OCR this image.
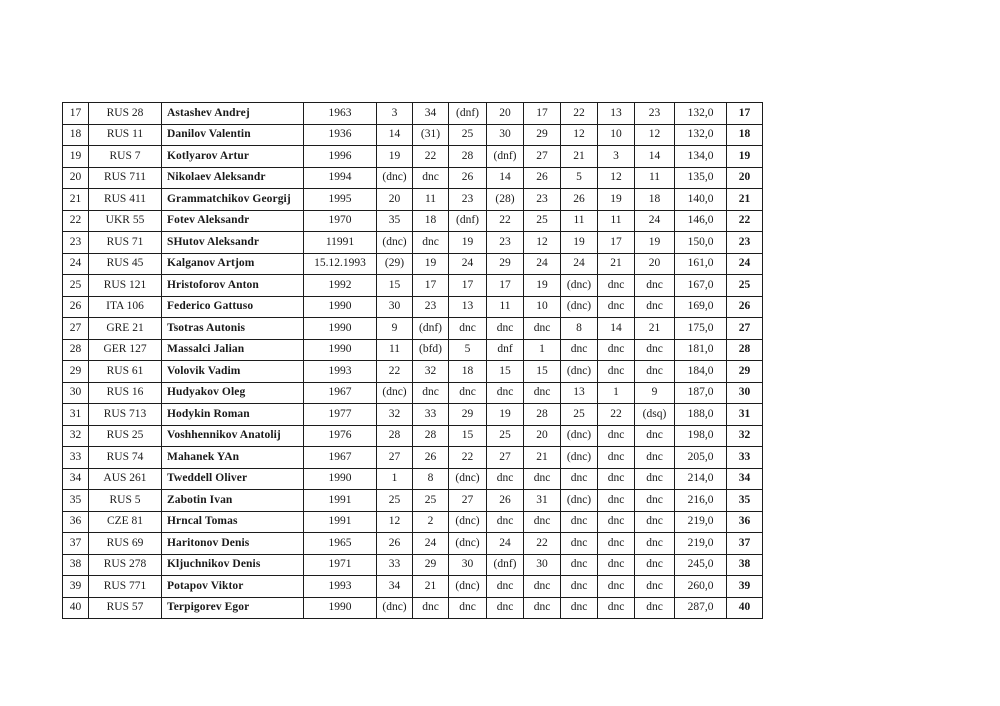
17	RUS 28	Astashev Andrej	1963	3	34	(dnf)	20	17	22	13	23	132,0	17
18	RUS 11	Danilov Valentin	1936	14	(31)	25	30	29	12	10	12	132,0	18
19	RUS 7	Kotlyarov Artur	1996	19	22	28	(dnf)	27	21	3	14	134,0	19
20	RUS 711	Nikolaev Aleksandr	1994	(dnc)	dnc	26	14	26	5	12	11	135,0	20
21	RUS 411	Grammatchikov Georgij	1995	20	11	23	(28)	23	26	19	18	140,0	21
22	UKR 55	Fotev Aleksandr	1970	35	18	(dnf)	22	25	11	11	24	146,0	22
23	RUS 71	SHutov Aleksandr	11991	(dnc)	dnc	19	23	12	19	17	19	150,0	23
24	RUS 45	Kalganov Artjom	15.12.1993	(29)	19	24	29	24	24	21	20	161,0	24
25	RUS 121	Hristoforov Anton	1992	15	17	17	17	19	(dnc)	dnc	dnc	167,0	25
26	ITA 106	Federico Gattuso	1990	30	23	13	11	10	(dnc)	dnc	dnc	169,0	26
27	GRE 21	Tsotras Autonis	1990	9	(dnf)	dnc	dnc	dnc	8	14	21	175,0	27
28	GER 127	Massalci Jalian	1990	11	(bfd)	5	dnf	1	dnc	dnc	dnc	181,0	28
29	RUS 61	Volovik Vadim	1993	22	32	18	15	15	(dnc)	dnc	dnc	184,0	29
30	RUS 16	Hudyakov Oleg	1967	(dnc)	dnc	dnc	dnc	dnc	13	1	9	187,0	30
31	RUS 713	Hodykin Roman	1977	32	33	29	19	28	25	22	(dsq)	188,0	31
32	RUS 25	Voshhennikov Anatolij	1976	28	28	15	25	20	(dnc)	dnc	dnc	198,0	32
33	RUS 74	Mahanek YAn	1967	27	26	22	27	21	(dnc)	dnc	dnc	205,0	33
34	AUS 261	Tweddell Oliver	1990	1	8	(dnc)	dnc	dnc	dnc	dnc	dnc	214,0	34
35	RUS 5	Zabotin Ivan	1991	25	25	27	26	31	(dnc)	dnc	dnc	216,0	35
36	CZE 81	Hrncal Tomas	1991	12	2	(dnc)	dnc	dnc	dnc	dnc	dnc	219,0	36
37	RUS 69	Haritonov Denis	1965	26	24	(dnc)	24	22	dnc	dnc	dnc	219,0	37
38	RUS 278	Kljuchnikov Denis	1971	33	29	30	(dnf)	30	dnc	dnc	dnc	245,0	38
39	RUS 771	Potapov Viktor	1993	34	21	(dnc)	dnc	dnc	dnc	dnc	dnc	260,0	39
40	RUS 57	Terpigorev Egor	1990	(dnc)	dnc	dnc	dnc	dnc	dnc	dnc	dnc	287,0	40
